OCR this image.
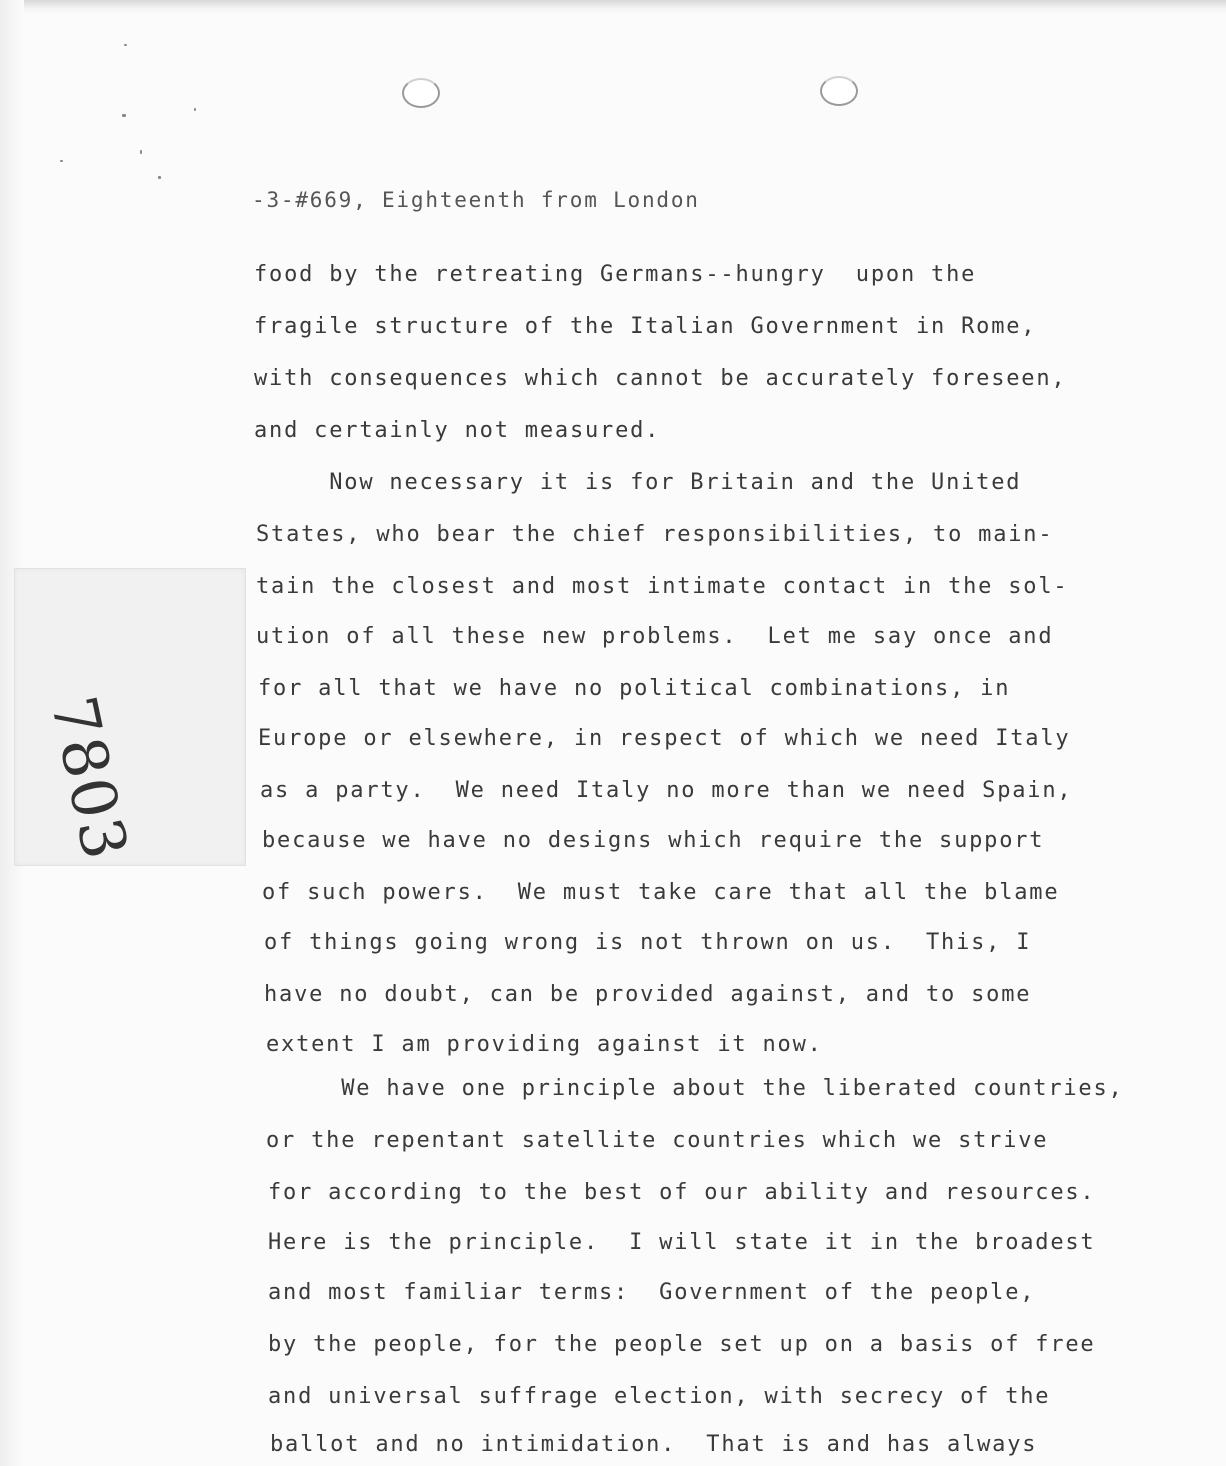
7803

-3-#669, Eighteenth from London

food by the retreating Germans--hungry  upon the

fragile structure of the Italian Government in Rome,

with consequences which cannot be accurately foreseen,

and certainly not measured.

Now necessary it is for Britain and the United

States, who bear the chief responsibilities, to main-

tain the closest and most intimate contact in the sol-

ution of all these new problems.  Let me say once and

for all that we have no political combinations, in

Europe or elsewhere, in respect of which we need Italy

as a party.  We need Italy no more than we need Spain,

because we have no designs which require the support

of such powers.  We must take care that all the blame

of things going wrong is not thrown on us.  This, I

have no doubt, can be provided against, and to some

extent I am providing against it now.

We have one principle about the liberated countries,

or the repentant satellite countries which we strive

for according to the best of our ability and resources.

Here is the principle.  I will state it in the broadest

and most familiar terms:  Government of the people,

by the people, for the people set up on a basis of free

and universal suffrage election, with secrecy of the

ballot and no intimidation.  That is and has always
